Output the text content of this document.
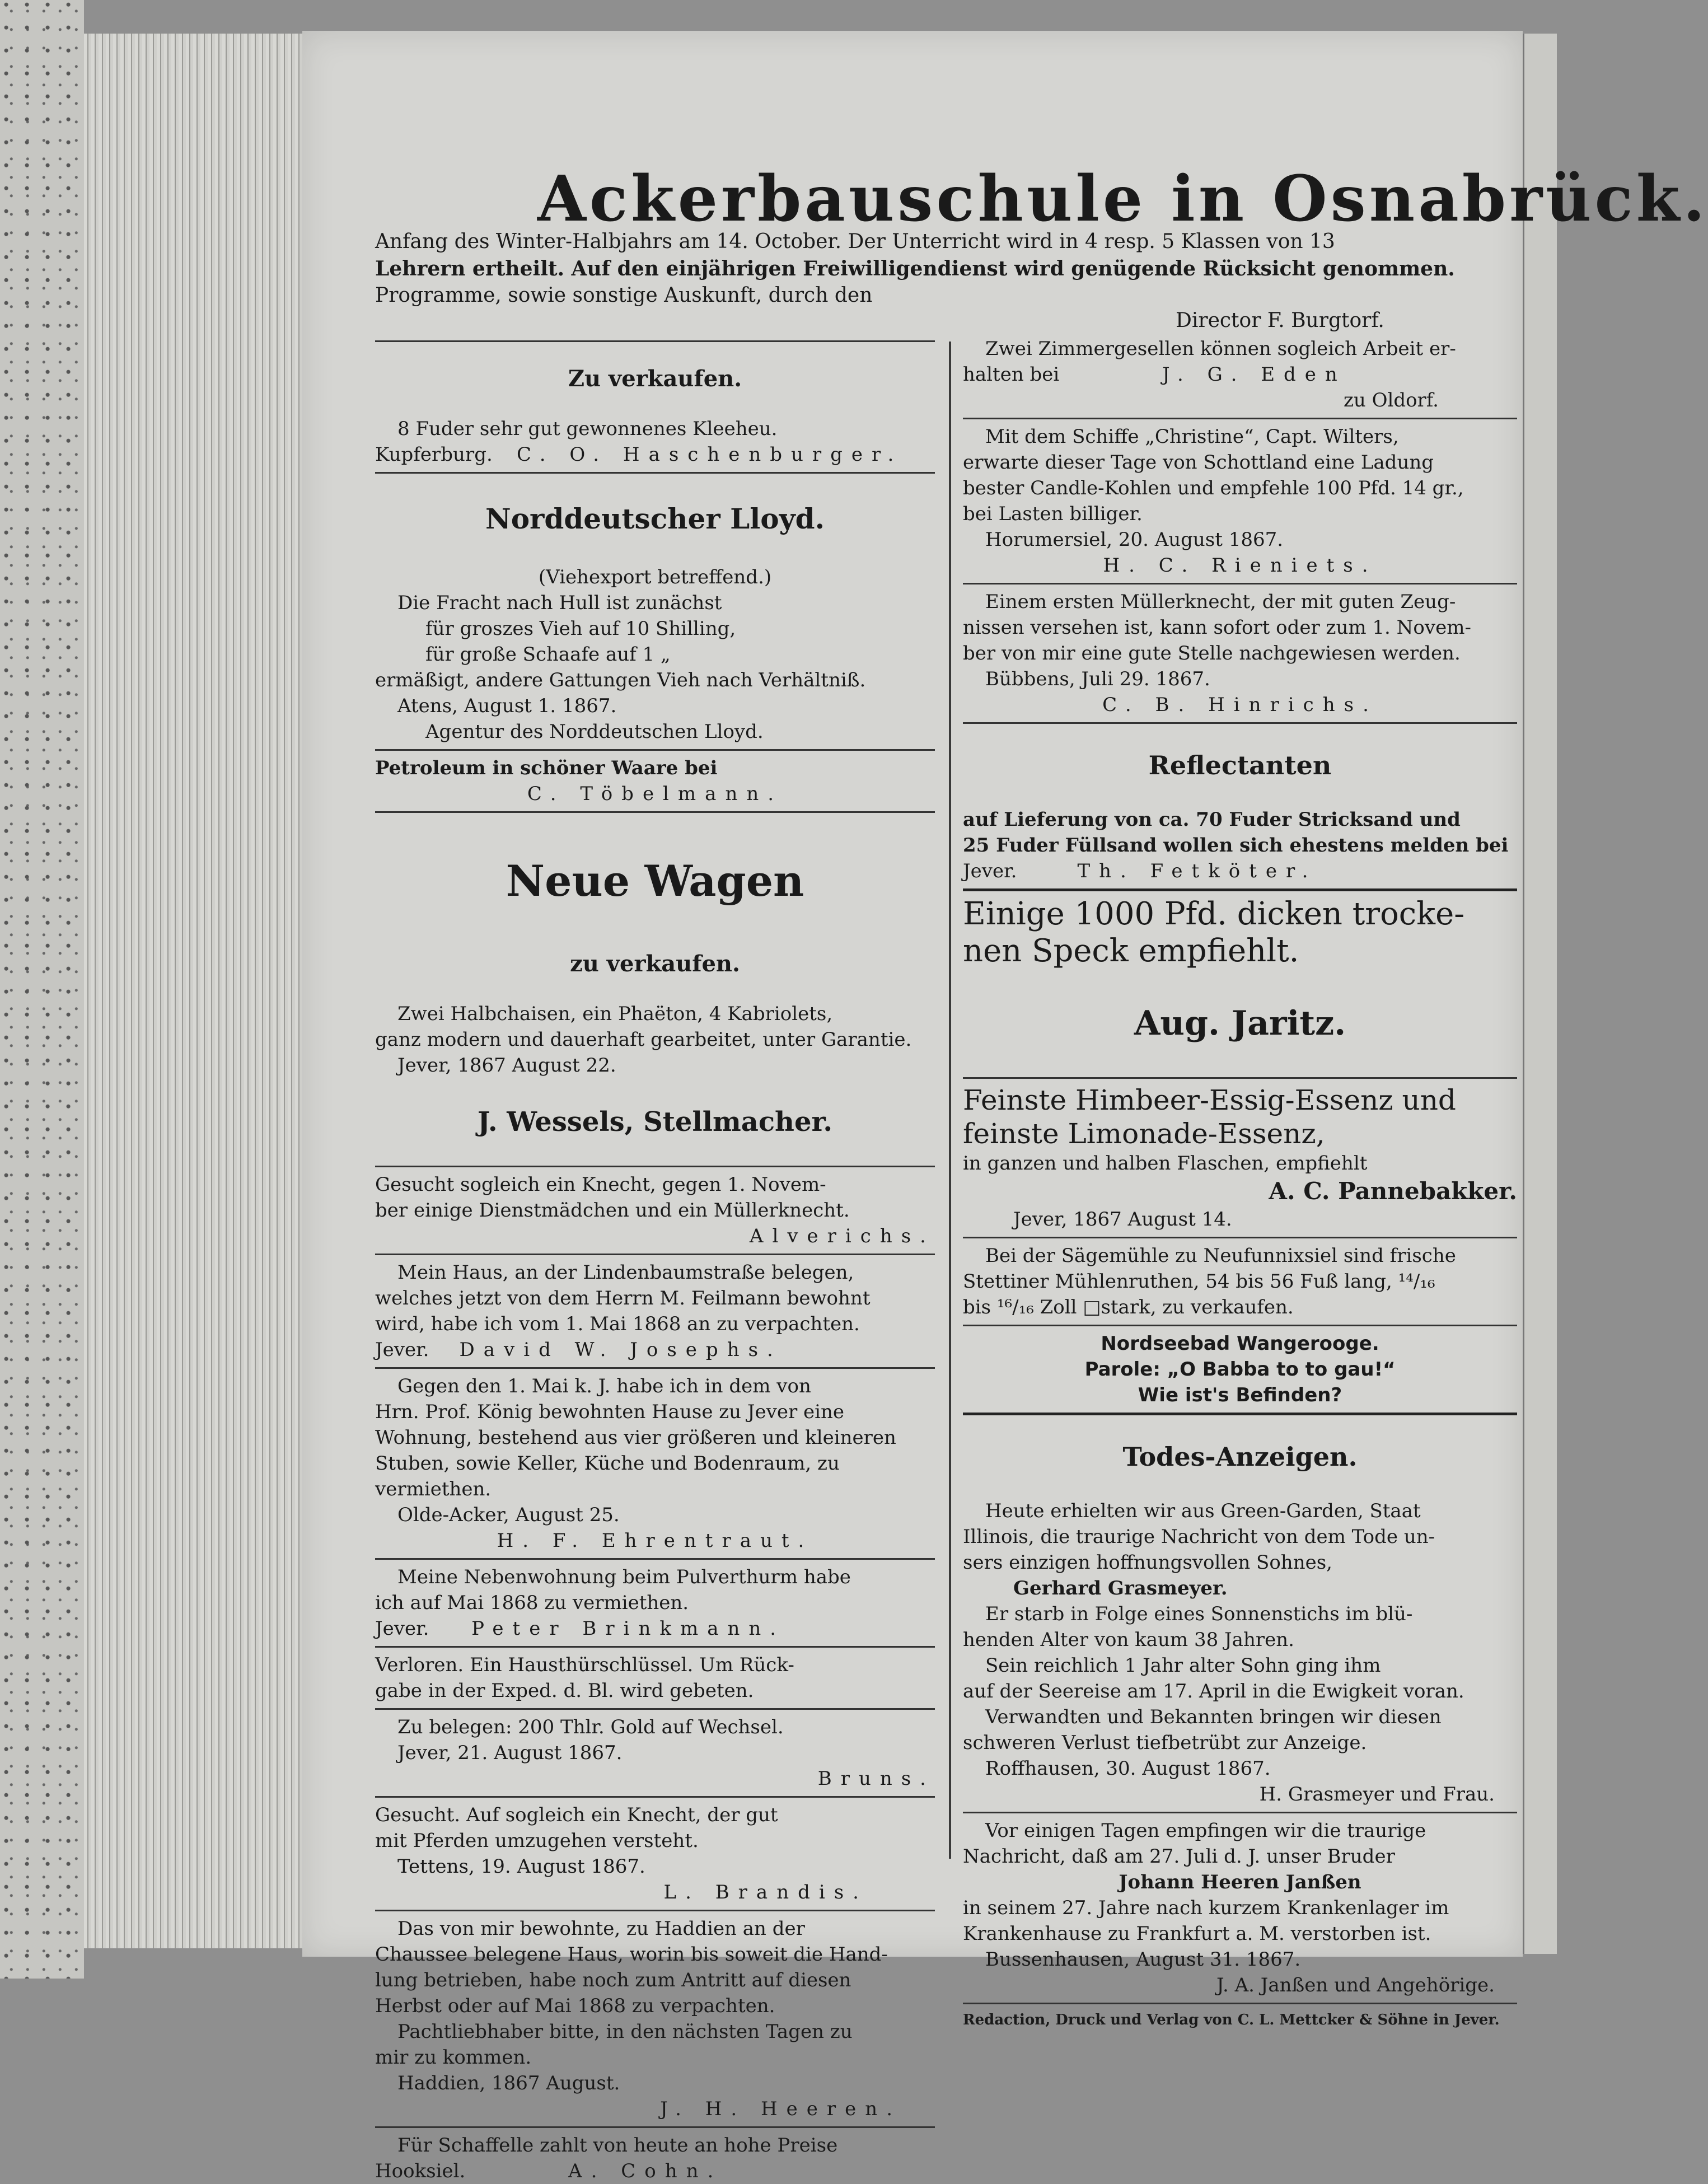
Ackerbauschule in Osnabrück.

Anfang des Winter-Halbjahrs am 14. October. Der Unterricht wird in 4 resp. 5 Klassen von 13

Lehrern ertheilt. Auf den einjährigen Freiwilligendienst wird genügende Rücksicht genommen.

Programme, sowie sonstige Auskunft, durch den

Director F. Burgtorf.

Zu verkaufen.

8 Fuder sehr gut gewonnenes Kleeheu.

Kupferburg. C. O. Haschenburger.

Norddeutscher Lloyd.

(Viehexport betreffend.)

Die Fracht nach Hull ist zunächst

für groszes Vieh auf 10 Shilling,

für große Schaafe auf 1 „

ermäßigt, andere Gattungen Vieh nach Verhältniß.

Atens, August 1. 1867.

Agentur des Norddeutschen Lloyd.

Petroleum in schöner Waare bei

C. Töbelmann.

Neue Wagen

zu verkaufen.

Zwei Halbchaisen, ein Phaëton, 4 Kabriolets,

ganz modern und dauerhaft gearbeitet, unter Garantie.

Jever, 1867 August 22.

J. Wessels, Stellmacher.

Gesucht sogleich ein Knecht, gegen 1. Novem-

ber einige Dienstmädchen und ein Müllerknecht.

Alverichs.

Mein Haus, an der Lindenbaumstraße belegen,

welches jetzt von dem Herrn M. Feilmann bewohnt

wird, habe ich vom 1. Mai 1868 an zu verpachten.

Jever. David W. Josephs.

Gegen den 1. Mai k. J. habe ich in dem von

Hrn. Prof. König bewohnten Hause zu Jever eine

Wohnung, bestehend aus vier größeren und kleineren

Stuben, sowie Keller, Küche und Bodenraum, zu

vermiethen.

Olde-Acker, August 25.

H. F. Ehrentraut.

Meine Nebenwohnung beim Pulverthurm habe

ich auf Mai 1868 zu vermiethen.

Jever. Peter Brinkmann.

Verloren. Ein Hausthürschlüssel. Um Rück-

gabe in der Exped. d. Bl. wird gebeten.

Zu belegen: 200 Thlr. Gold auf Wechsel.

Jever, 21. August 1867.

Bruns.

Gesucht. Auf sogleich ein Knecht, der gut

mit Pferden umzugehen versteht.

Tettens, 19. August 1867.

L. Brandis.

Das von mir bewohnte, zu Haddien an der

Chaussee belegene Haus, worin bis soweit die Hand-

lung betrieben, habe noch zum Antritt auf diesen

Herbst oder auf Mai 1868 zu verpachten.

Pachtliebhaber bitte, in den nächsten Tagen zu

mir zu kommen.

Haddien, 1867 August.

J. H. Heeren.

Für Schaffelle zahlt von heute an hohe Preise

Hooksiel.	A. Cohn.

Zwei Zimmergesellen können sogleich Arbeit er-

halten bei	J. G. Eden

zu Oldorf.

Mit dem Schiffe „Christine“, Capt. Wilters,

erwarte dieser Tage von Schottland eine Ladung

bester Candle-Kohlen und empfehle 100 Pfd. 14 gr.,

bei Lasten billiger.

Horumersiel, 20. August 1867.

H. C. Rieniets.

Einem ersten Müllerknecht, der mit guten Zeug-

nissen versehen ist, kann sofort oder zum 1. Novem-

ber von mir eine gute Stelle nachgewiesen werden.

Bübbens, Juli 29. 1867.

C. B. Hinrichs.

Reflectanten

auf Lieferung von ca. 70 Fuder Stricksand und

25 Fuder Füllsand wollen sich ehestens melden bei

Jever.	Th. Fetköter.

Einige 1000 Pfd. dicken trocke-

nen Speck empfiehlt.

Aug. Jaritz.

Feinste Himbeer-Essig-Essenz und

feinste Limonade-Essenz,

in ganzen und halben Flaschen, empfiehlt

A. C. Pannebakker.

Jever, 1867 August 14.

Bei der Sägemühle zu Neufunnixsiel sind frische

Stettiner Mühlenruthen, 54 bis 56 Fuß lang, ¹⁴/₁₆

bis ¹⁶/₁₆ Zoll □stark, zu verkaufen.

Nordseebad Wangerooge.

Parole: „O Babba to to gau!“

Wie ist's Befinden?

Todes-Anzeigen.

Heute erhielten wir aus Green-Garden, Staat

Illinois, die traurige Nachricht von dem Tode un-

sers einzigen hoffnungsvollen Sohnes,

Gerhard Grasmeyer.

Er starb in Folge eines Sonnenstichs im blü-

henden Alter von kaum 38 Jahren.

Sein reichlich 1 Jahr alter Sohn ging ihm

auf der Seereise am 17. April in die Ewigkeit voran.

Verwandten und Bekannten bringen wir diesen

schweren Verlust tiefbetrübt zur Anzeige.

Roffhausen, 30. August 1867.

H. Grasmeyer und Frau.

Vor einigen Tagen empfingen wir die traurige

Nachricht, daß am 27. Juli d. J. unser Bruder

Johann Heeren Janßen

in seinem 27. Jahre nach kurzem Krankenlager im

Krankenhause zu Frankfurt a. M. verstorben ist.

Bussenhausen, August 31. 1867.

J. A. Janßen und Angehörige.

Redaction, Druck und Verlag von C. L. Mettcker & Söhne in Jever.
